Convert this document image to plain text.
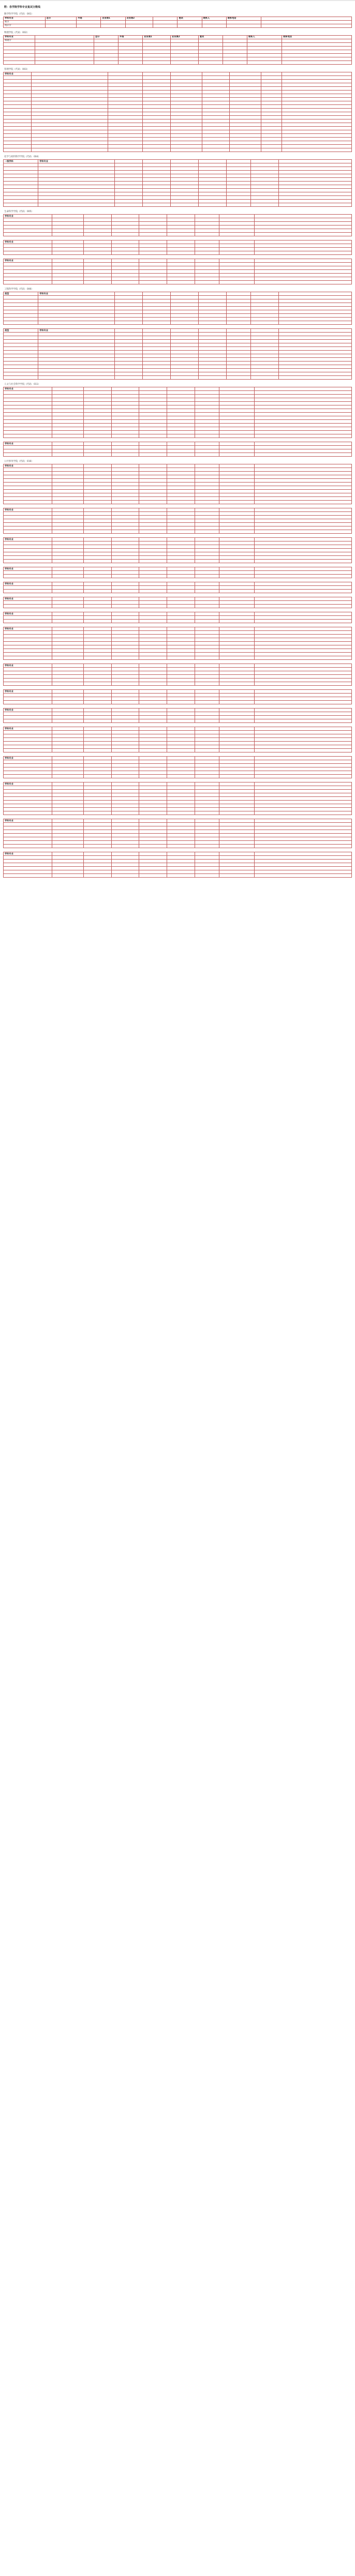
附：各学院学科专业复试分数线
数学科学学院（代码：001）
学科专业	总分	外语	业务课1	业务课2		复试	联系人	联系电话	
数学									
统计学									
物理学院（代码：002）
学科专业		总分	外语	业务课1	业务课2	复试		联系人	联系电话
物理学									

管理学院（代码：003）
学科专业								

化学与材料科学学院（代码：004）
一级学科	学科专业							

生命科学学院（代码：005）
学科专业								

学科专业								

学科专业								

工程科学学院（代码：006）
类型	学科专业							

类型	学科专业							

人文与社会科学学院（代码：011）
学科专业								

学科专业								

公共事务学院（代码：016）
学科专业								

学科专业								

学科专业								

学科专业								

学科专业								

学科专业								

学科专业								

学科专业								

学科专业								

学科专业								

学科专业								

学科专业								

学科专业								

学科专业								

学科专业								

学科专业								
